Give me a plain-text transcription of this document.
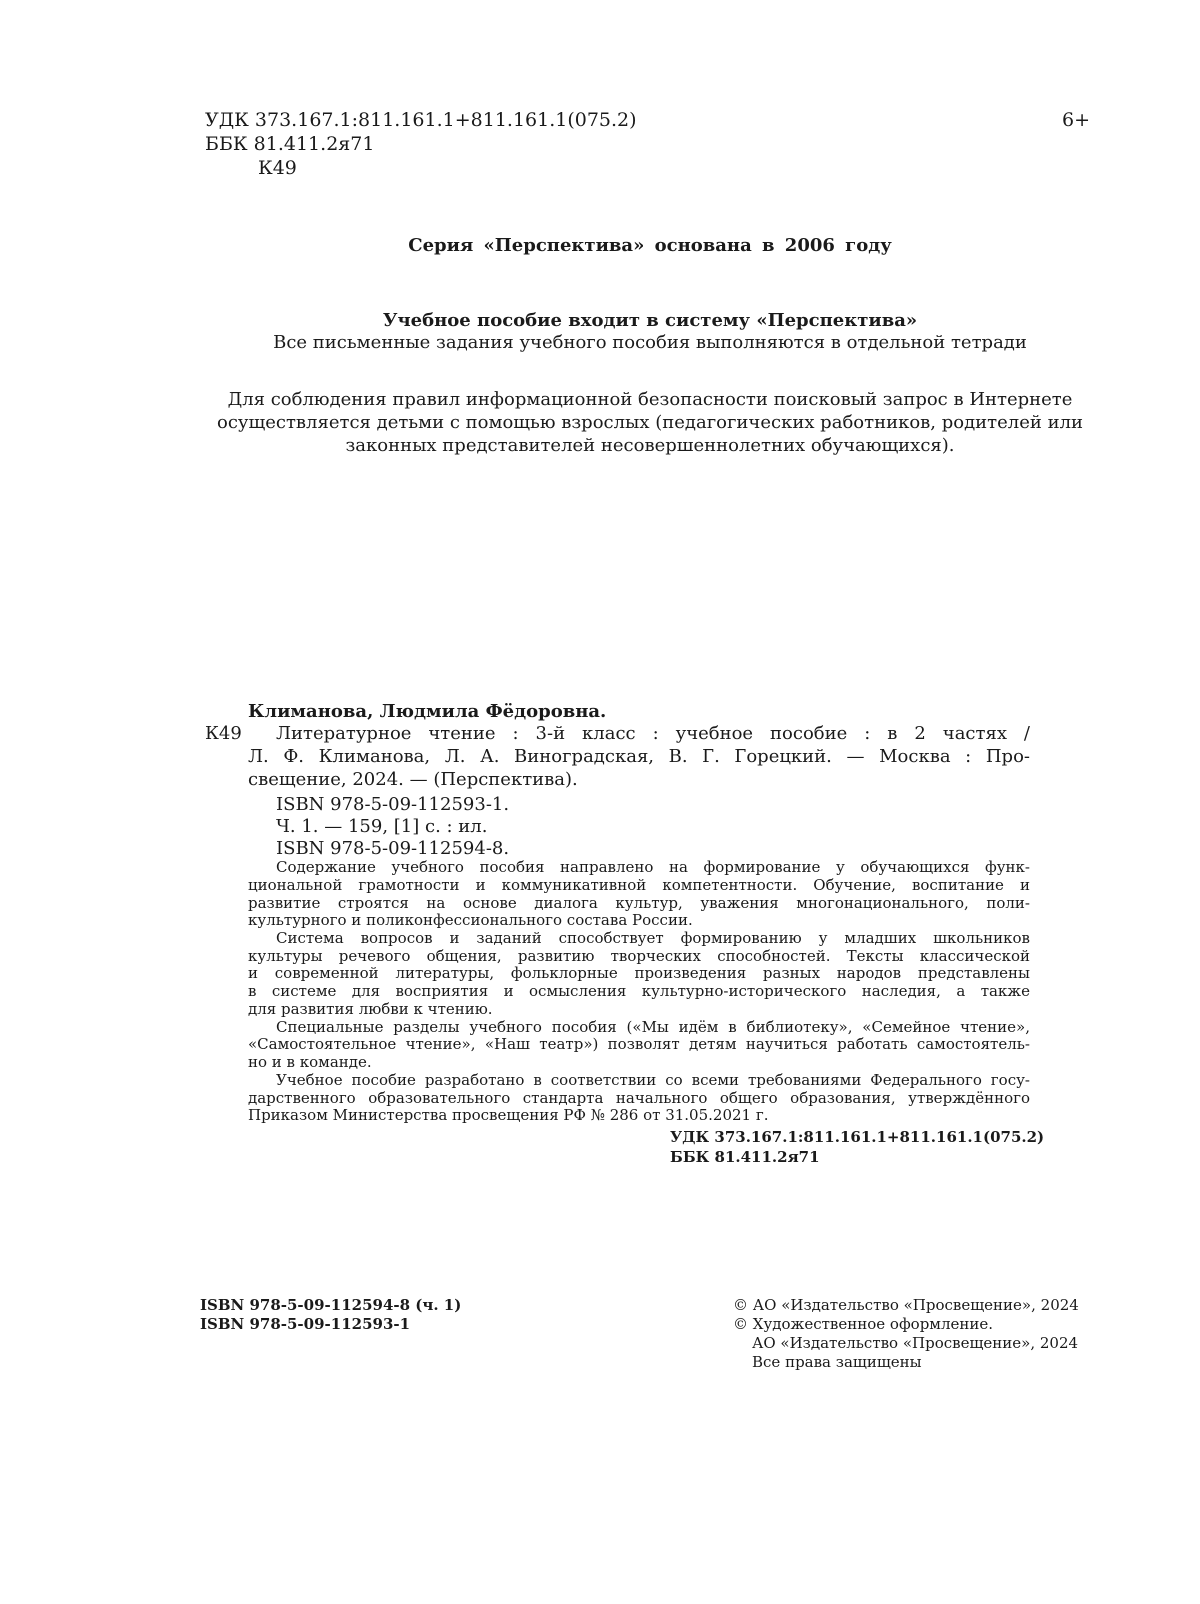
УДК 373.167.1:811.161.1+811.161.1(075.2)
ББК 81.411.2я71
К49
6+
Серия «Перспектива» основана в 2006 году
Учебное пособие входит в систему «Перспектива»
Все письменные задания учебного пособия выполняются в отдельной тетради
Для соблюдения правил информационной безопасности поисковый запрос в Интернете
осуществляется детьми с помощью взрослых (педагогических работников, родителей или
законных представителей несовершеннолетних обучающихся).
Климанова, Людмила Фёдоровна.
К49 Литературное чтение : 3-й класс : учебное пособие : в 2 частях /
Л. Ф. Климанова, Л. А. Виноградская, В. Г. Горецкий. — Москва : Про-
свещение, 2024. — (Перспектива).
ISBN 978-5-09-112593-1.
Ч. 1. — 159, [1] с. : ил.
ISBN 978-5-09-112594-8.
Содержание учебного пособия направлено на формирование у обучающихся функ-
циональной грамотности и коммуникативной компетентности. Обучение, воспитание и
развитие строятся на основе диалога культур, уважения многонационального, поли-
культурного и поликонфессионального состава России.
Система вопросов и заданий способствует формированию у младших школьников
культуры речевого общения, развитию творческих способностей. Тексты классической
и современной литературы, фольклорные произведения разных народов представлены
в системе для восприятия и осмысления культурно-исторического наследия, а также
для развития любви к чтению.
Специальные разделы учебного пособия («Мы идём в библиотеку», «Семейное чтение»,
«Самостоятельное чтение», «Наш театр») позволят детям научиться работать самостоятель-
но и в команде.
Учебное пособие разработано в соответствии со всеми требованиями Федерального госу-
дарственного образовательного стандарта начального общего образования, утверждённого
Приказом Министерства просвещения РФ № 286 от 31.05.2021 г.
УДК 373.167.1:811.161.1+811.161.1(075.2)
ББК 81.411.2я71
ISBN 978-5-09-112594-8 (ч. 1)
ISBN 978-5-09-112593-1
© АО «Издательство «Просвещение», 2024
© Художественное оформление.
АО «Издательство «Просвещение», 2024
Все права защищены
